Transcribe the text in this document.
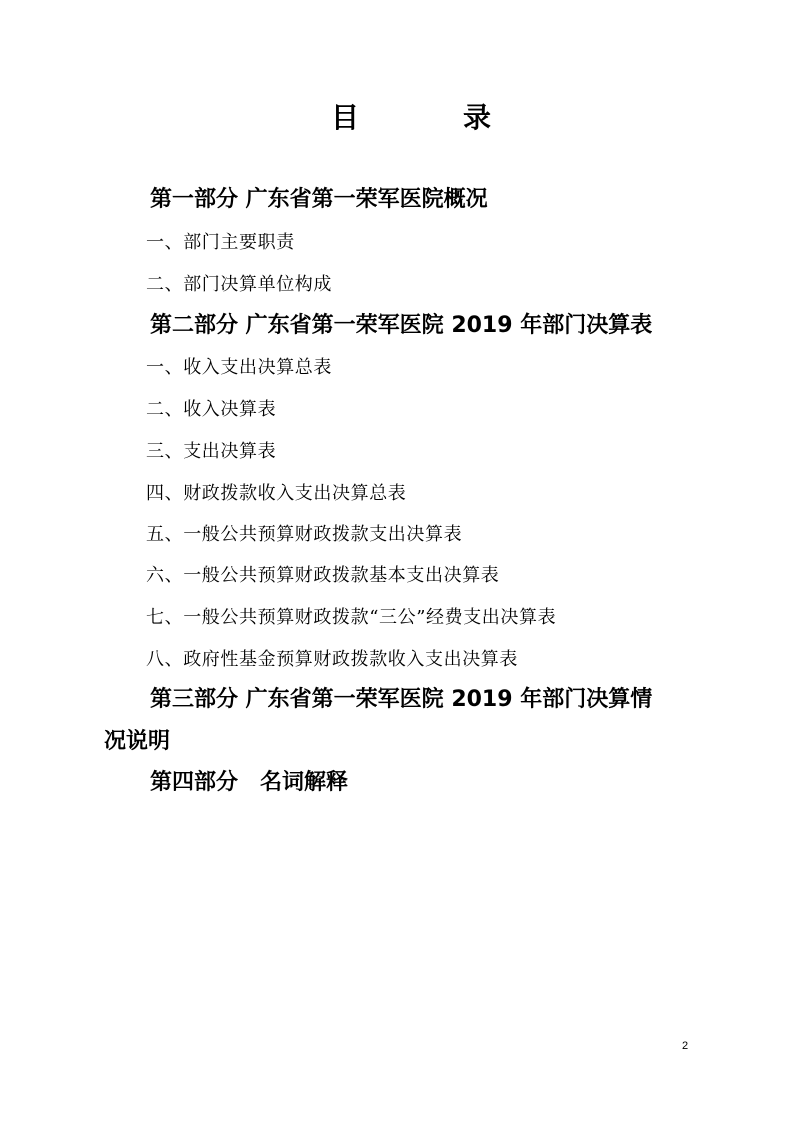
目	录
第一部分 广东省第一荣军医院概况
一、部门主要职责
二、部门决算单位构成
第二部分 广东省第一荣军医院 2019 年部门决算表
一、收入支出决算总表
二、收入决算表
三、支出决算表
四、财政拨款收入支出决算总表
五、一般公共预算财政拨款支出决算表
六、一般公共预算财政拨款基本支出决算表
七、一般公共预算财政拨款“三公”经费支出决算表
八、政府性基金预算财政拨款收入支出决算表
第三部分 广东省第一荣军医院 2019 年部门决算情
况说明
第四部分　名词解释
2
